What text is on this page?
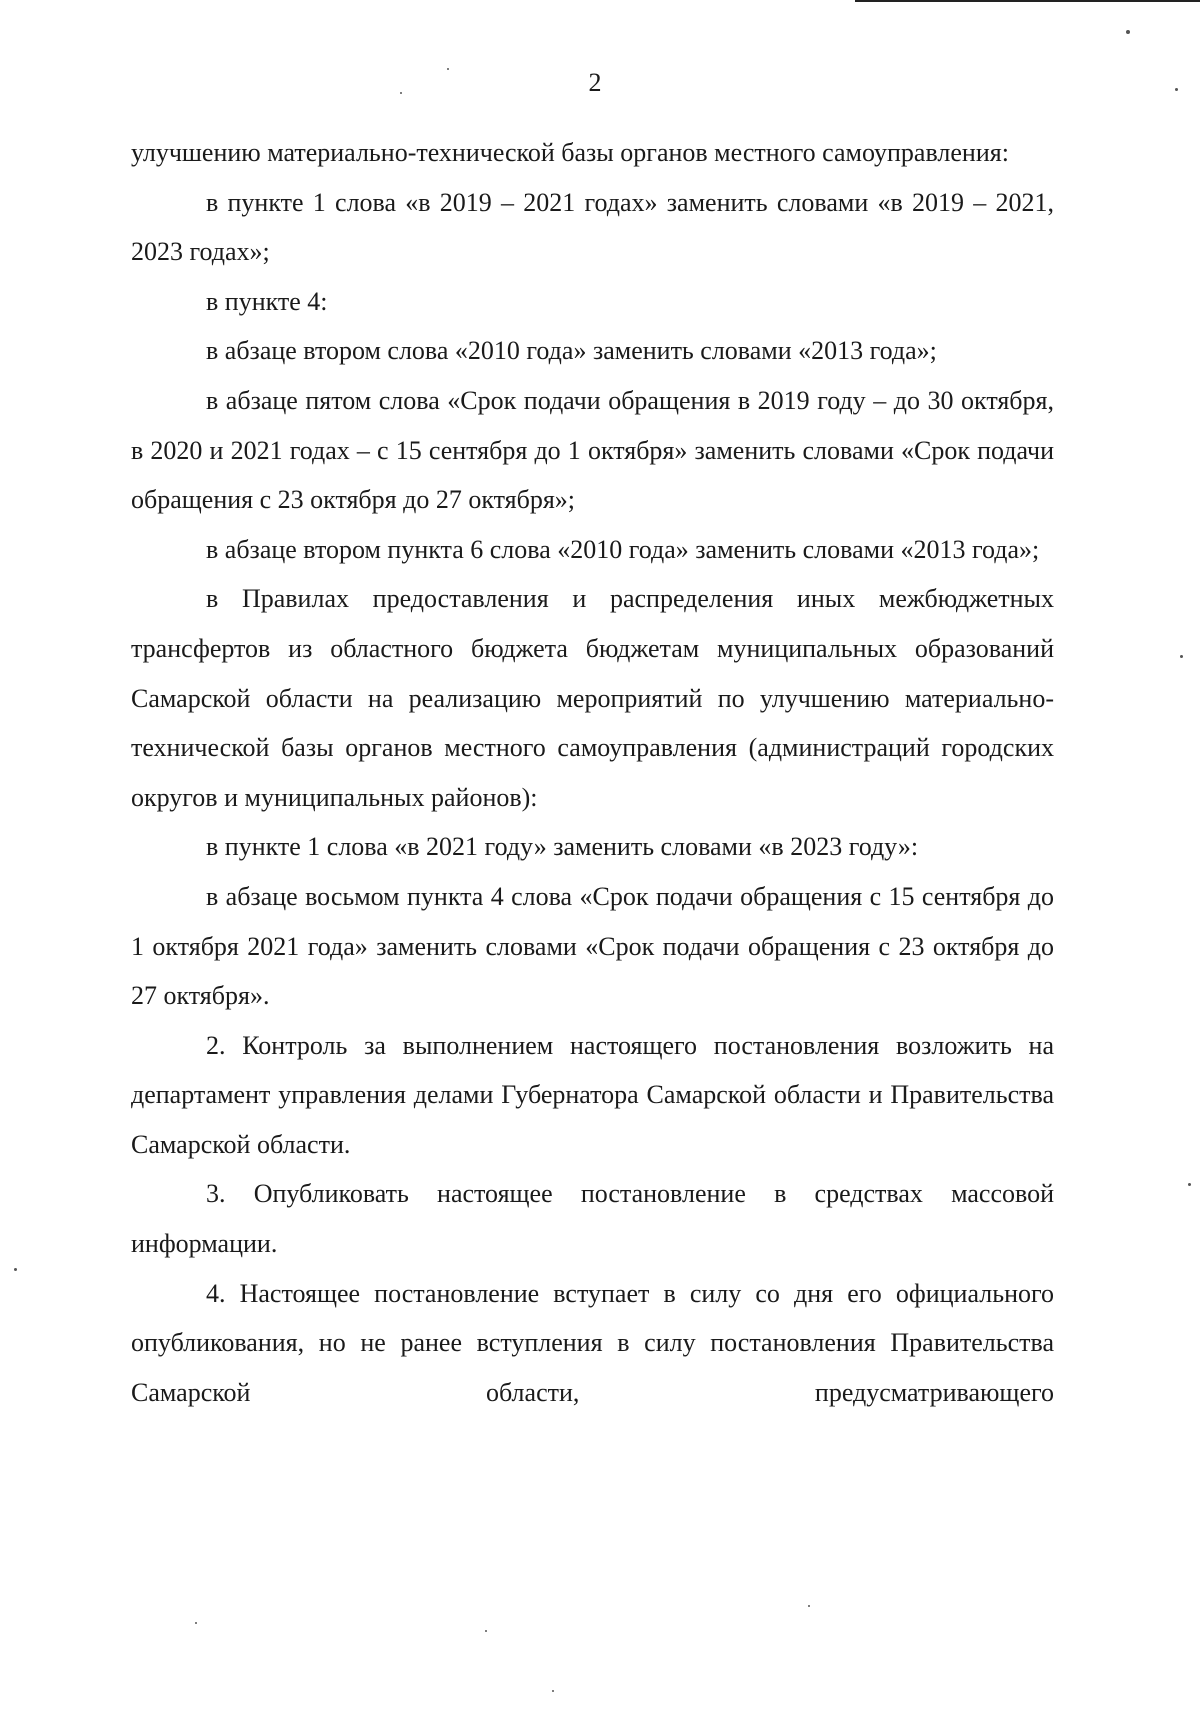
2

улучшению материально-технической базы органов местного самоуправления:

в пункте 1 слова «в 2019 – 2021 годах» заменить словами «в 2019 – 2021, 2023 годах»;

в пункте 4:

в абзаце втором слова «2010 года» заменить словами «2013 года»;

в абзаце пятом слова «Срок подачи обращения в 2019 году – до 30 октября, в 2020 и 2021 годах – с 15 сентября до 1 октября» заменить словами «Срок подачи обращения с 23 октября до 27 октября»;

в абзаце втором пункта 6 слова «2010 года» заменить словами «2013 года»;

в Правилах предоставления и распределения иных межбюджетных трансфертов из областного бюджета бюджетам муниципальных образований Самарской области на реализацию мероприятий по улучшению материально-технической базы органов местного самоуправления (администраций городских округов и муниципальных районов):

в пункте 1 слова «в 2021 году» заменить словами «в 2023 году»:

в абзаце восьмом пункта 4 слова «Срок подачи обращения с 15 сентября до 1 октября 2021 года» заменить словами «Срок подачи обращения с 23 октября до 27 октября».

2. Контроль за выполнением настоящего постановления возложить на департамент управления делами Губернатора Самарской области и Правительства Самарской области.

3. Опубликовать настоящее постановление в средствах массовой информации.

4. Настоящее постановление вступает в силу со дня его официального опубликования, но не ранее вступления в силу постановления Правительства Самарской области, предусматривающего
